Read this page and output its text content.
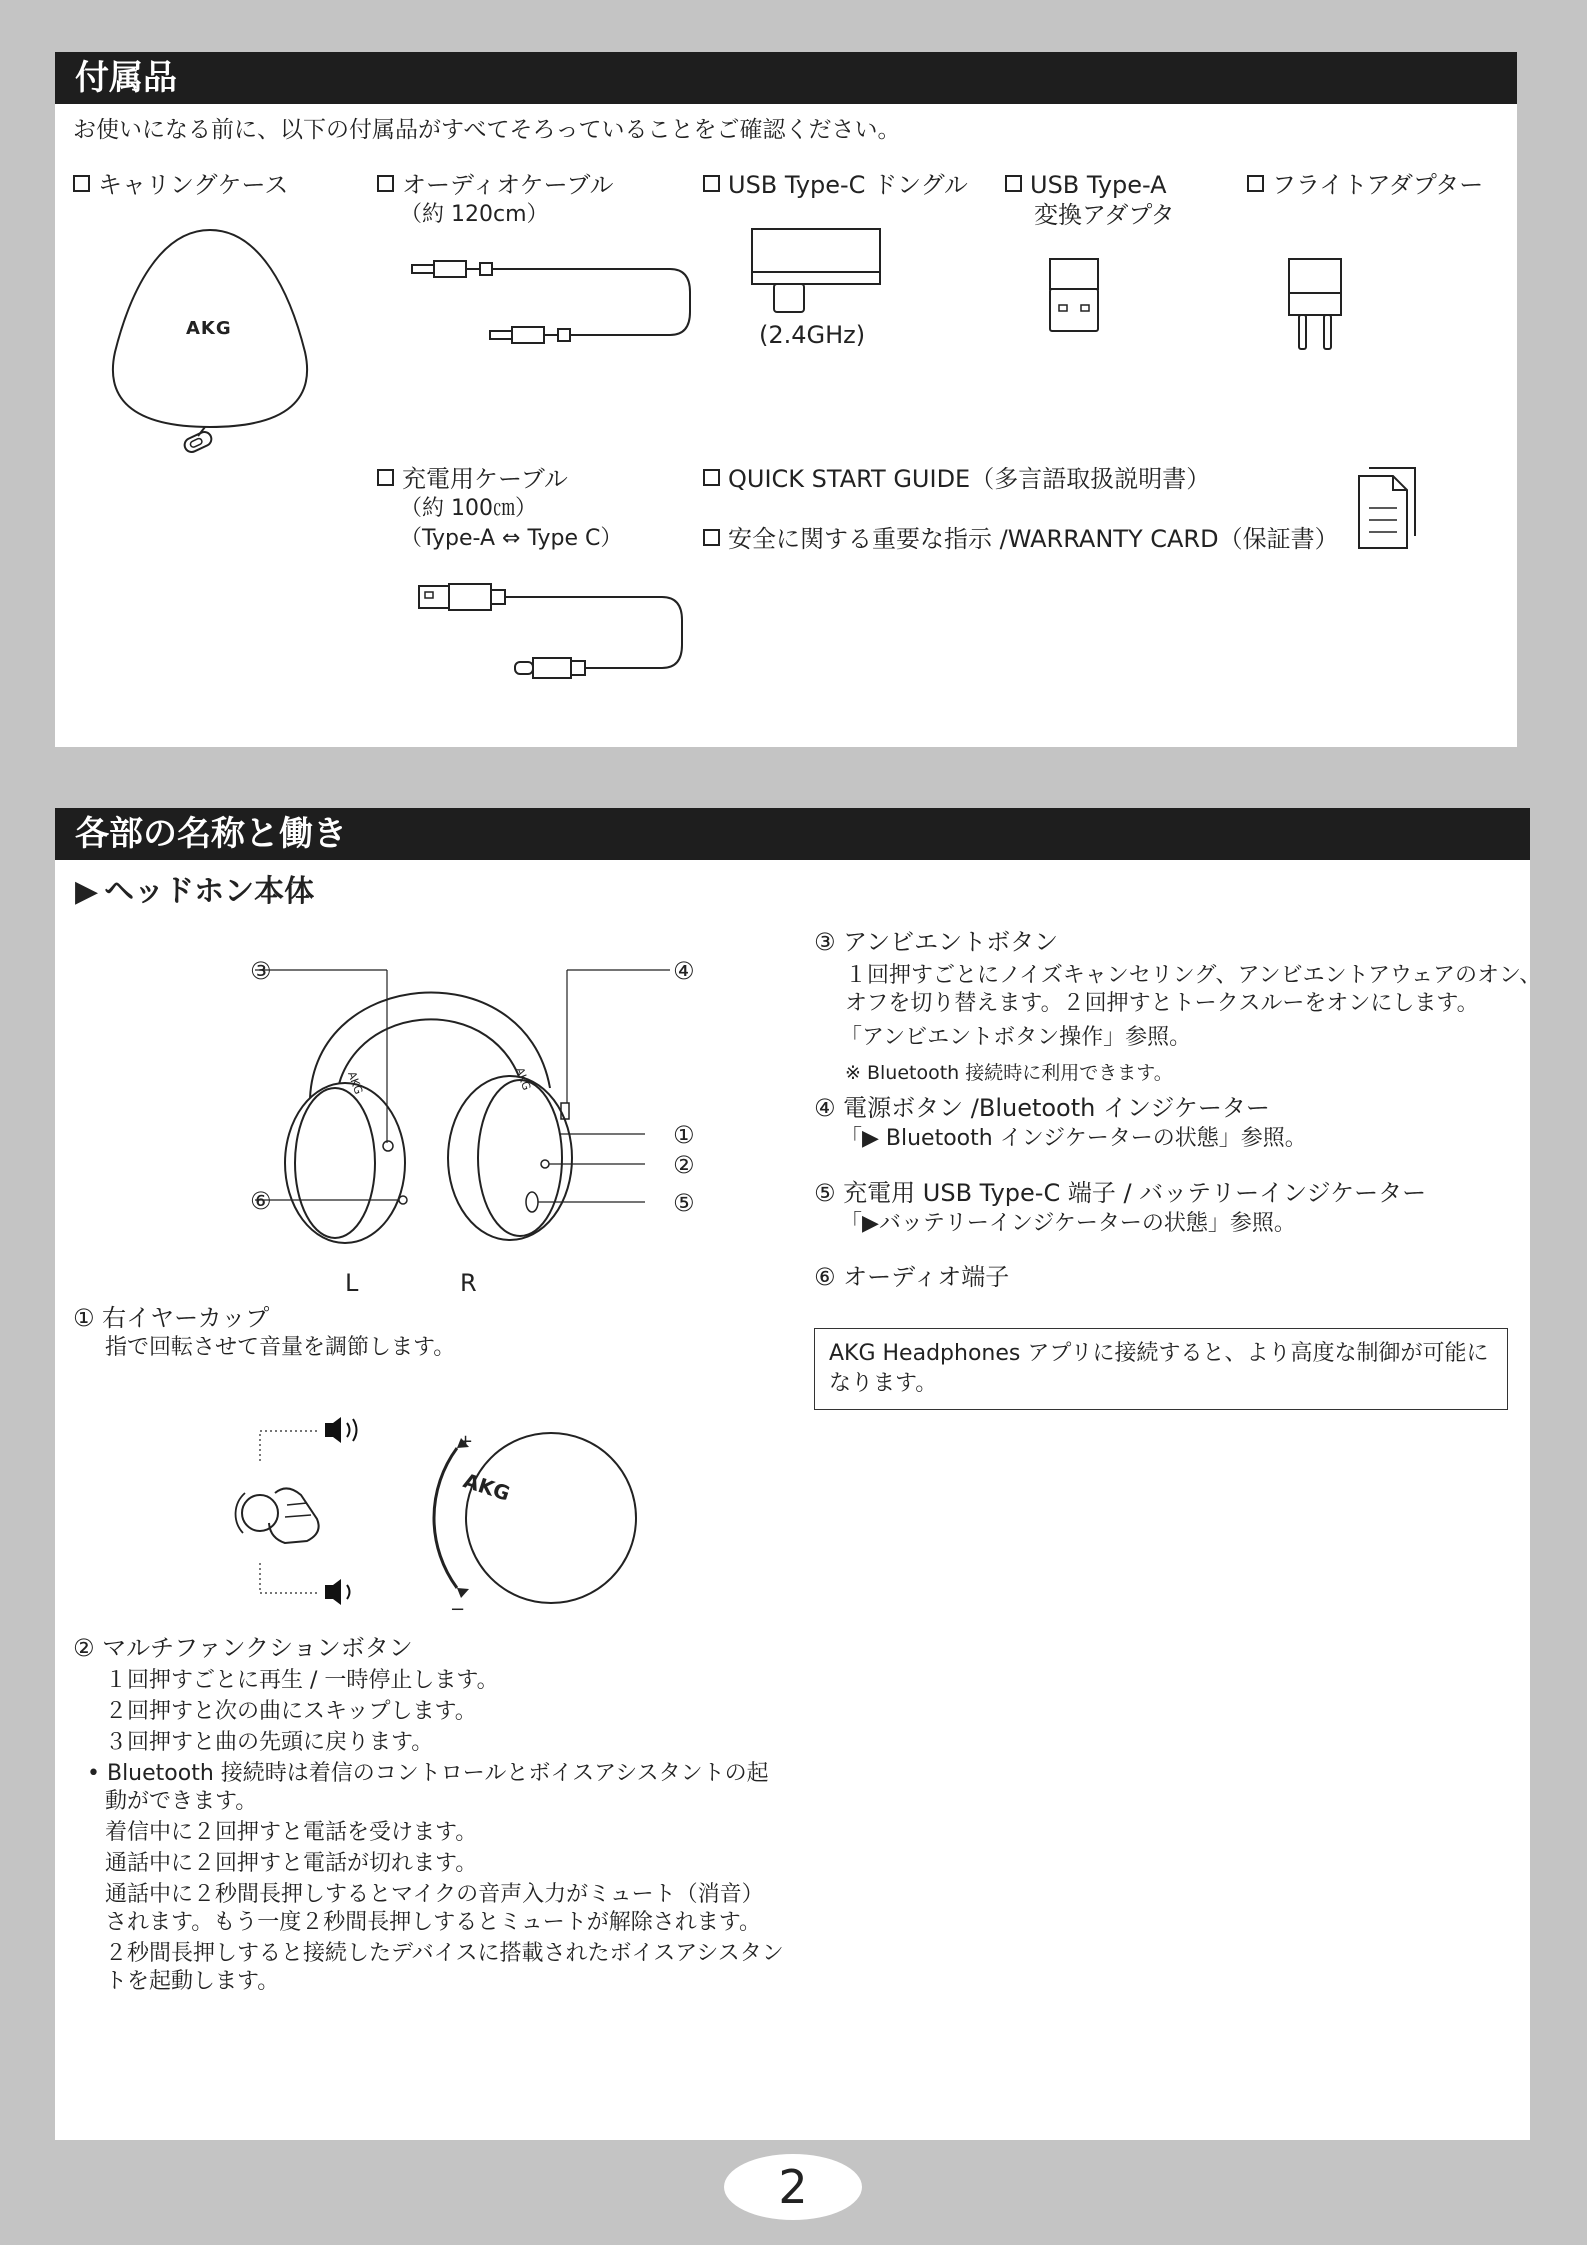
付属品
お使いになる前に、以下の付属品がすべてそろっていることをご確認ください。
キャリングケース
AKG
オーディオケーブル
（約 120cm）
USB Type-C ドングル
(2.4GHz)
USB Type-A
変換アダプタ
フライトアダプター
充電用ケーブル
（約 100㎝）
（Type-A ⇔ Type C）
QUICK START GUIDE（多言語取扱説明書）
安全に関する重要な指示 /WARRANTY CARD（保証書）
各部の名称と働き
▶ ヘッドホン本体
③	④
①
②
⑤
⑥
AKG	AKG
L	R
① 右イヤーカップ
指で回転させて音量を調節します。
+
−
AKG
② マルチファンクションボタン
１回押すごとに再生 / 一時停止します。
２回押すと次の曲にスキップします。
３回押すと曲の先頭に戻ります。
• Bluetooth 接続時は着信のコントロールとボイスアシスタントの起
動ができます。
着信中に２回押すと電話を受けます。
通話中に２回押すと電話が切れます。
通話中に２秒間長押しするとマイクの音声入力がミュート（消音）
されます。もう一度２秒間長押しするとミュートが解除されます。
２秒間長押しすると接続したデバイスに搭載されたボイスアシスタン
トを起動します。
③ アンビエントボタン
１回押すごとにノイズキャンセリング、アンビエントアウェアのオン、
オフを切り替えます。２回押すとトークスルーをオンにします。
「アンビエントボタン操作」参照。
※ Bluetooth 接続時に利用できます。
④ 電源ボタン /Bluetooth インジケーター
「▶ Bluetooth インジケーターの状態」参照。
⑤ 充電用 USB Type-C 端子 / バッテリーインジケーター
「▶バッテリーインジケーターの状態」参照。
⑥ オーディオ端子
AKG Headphones アプリに接続すると、より高度な制御が可能になります。
2
